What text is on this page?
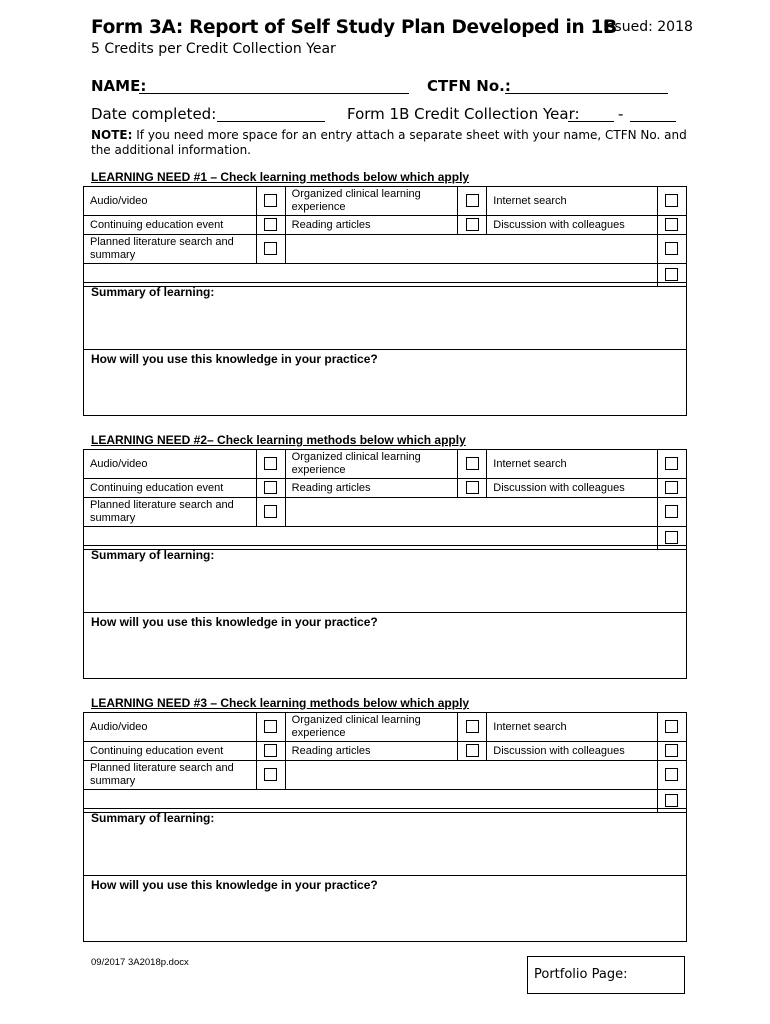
Form 3A: Report of Self Study Plan Developed in 1B
Issued: 2018
5 Credits per Credit Collection Year
NAME:	CTFN No.:
Date completed:	Form 1B Credit Collection Year:	-
NOTE: If you need more space for an entry attach a separate sheet with your name, CTFN No. and the additional information.
LEARNING NEED #1 – Check learning methods below which apply
Audio/video		Organized clinical learning experience		Internet search	
Continuing education event		Reading articles		Discussion with colleagues	
Planned literature search and summary					

Summary of learning:
How will you use this knowledge in your practice?
LEARNING NEED #2– Check learning methods below which apply
Audio/video		Organized clinical learning experience		Internet search	
Continuing education event		Reading articles		Discussion with colleagues	
Planned literature search and summary					

Summary of learning:
How will you use this knowledge in your practice?
LEARNING NEED #3 – Check learning methods below which apply
Audio/video		Organized clinical learning experience		Internet search	
Continuing education event		Reading articles		Discussion with colleagues	
Planned literature search and summary					

Summary of learning:
How will you use this knowledge in your practice?
09/2017 3A2018p.docx
Portfolio Page:
